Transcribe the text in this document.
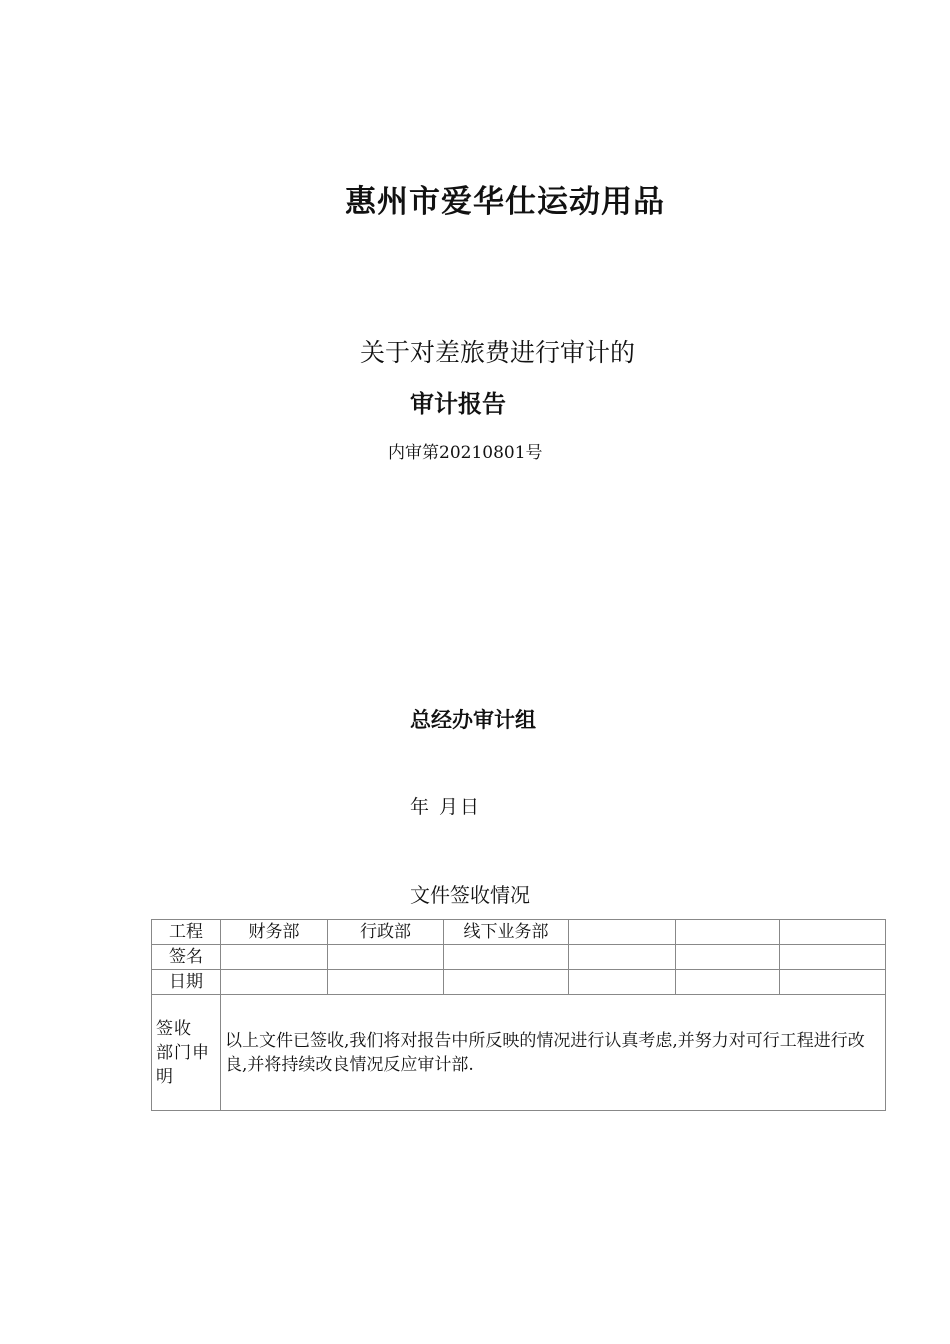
惠州市爱华仕运动用品
关于对差旅费进行审计的
审计报告
内审第20210801号
总经办审计组
年 月日
文件签收情况
工程	财务部	行政部	线下业务部			
签名						
日期						
签收 部门申 明	以上文件已签收,我们将对报告中所反映的情况进行认真考虑,并努力对可行工程进行改良,并将持续改良情况反应审计部.					
